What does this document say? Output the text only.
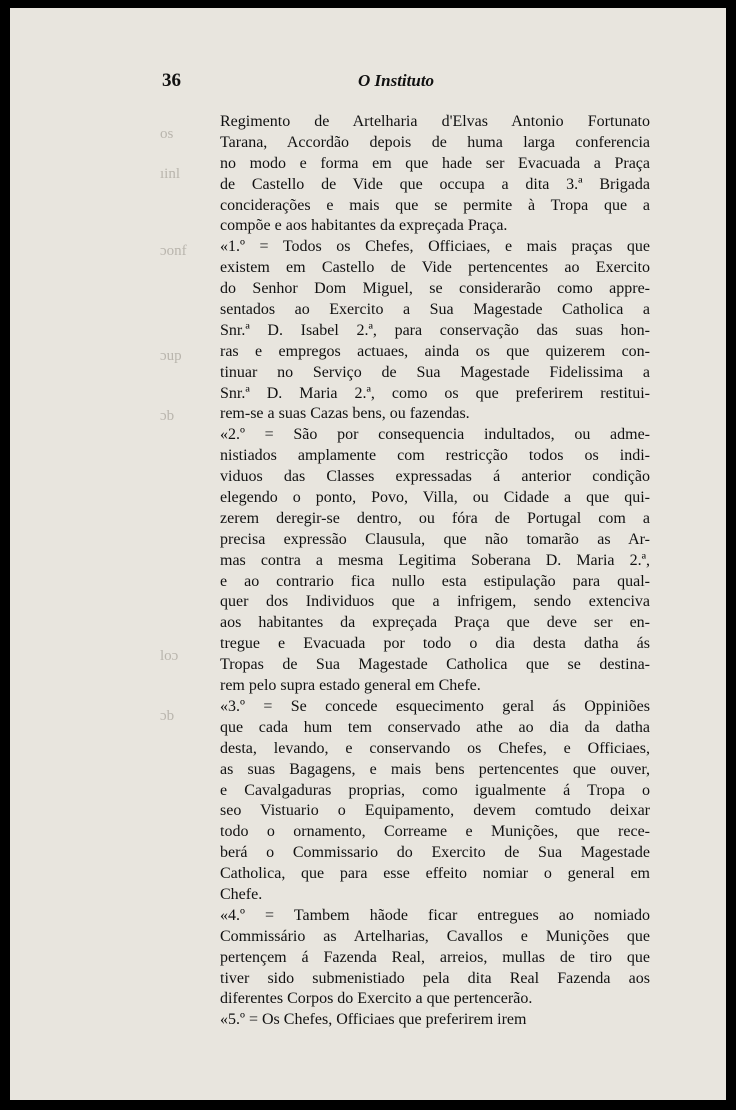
os
ıinl
ɔonf
ɔup
ɔb
loɔ
ɔb
36	O Instituto
Regimento de Artelharia d'Elvas Antonio Fortunato
Tarana, Accordão depois de huma larga conferencia
no modo e forma em que hade ser Evacuada a Praça
de Castello de Vide que occupa a dita 3.ª Brigada
conciderações e mais que se permite à Tropa que a
compõe e aos habitantes da expreçada Praça.
«1.º = Todos os Chefes, Officiaes, e mais praças que
existem em Castello de Vide pertencentes ao Exercito
do Senhor Dom Miguel, se considerarão como appre-
sentados ao Exercito a Sua Magestade Catholica a
Snr.ª D. Isabel 2.ª, para conservação das suas hon-
ras e empregos actuaes, ainda os que quizerem con-
tinuar no Serviço de Sua Magestade Fidelissima a
Snr.ª D. Maria 2.ª, como os que preferirem restitui-
rem-se a suas Cazas bens, ou fazendas.
«2.º = São por consequencia indultados, ou adme-
nistiados amplamente com restricção todos os indi-
viduos das Classes expressadas á anterior condição
elegendo o ponto, Povo, Villa, ou Cidade a que qui-
zerem deregir-se dentro, ou fóra de Portugal com a
precisa expressão Clausula, que não tomarão as Ar-
mas contra a mesma Legitima Soberana D. Maria 2.ª,
e ao contrario fica nullo esta estipulação para qual-
quer dos Individuos que a infrigem, sendo extenciva
aos habitantes da expreçada Praça que deve ser en-
tregue e Evacuada por todo o dia desta datha ás
Tropas de Sua Magestade Catholica que se destina-
rem pelo supra estado general em Chefe.
«3.º = Se concede esquecimento geral ás Oppiniões
que cada hum tem conservado athe ao dia da datha
desta, levando, e conservando os Chefes, e Officiaes,
as suas Bagagens, e mais bens pertencentes que ouver,
e Cavalgaduras proprias, como igualmente á Tropa o
seo Vistuario o Equipamento, devem comtudo deixar
todo o ornamento, Correame e Munições, que rece-
berá o Commissario do Exercito de Sua Magestade
Catholica, que para esse effeito nomiar o general em
Chefe.
«4.º = Tambem hãode ficar entregues ao nomiado
Commissário as Artelharias, Cavallos e Munições que
pertençem á Fazenda Real, arreios, mullas de tiro que
tiver sido submenistiado pela dita Real Fazenda aos
diferentes Corpos do Exercito a que pertencerão.
«5.º = Os Chefes, Officiaes que preferirem irem
